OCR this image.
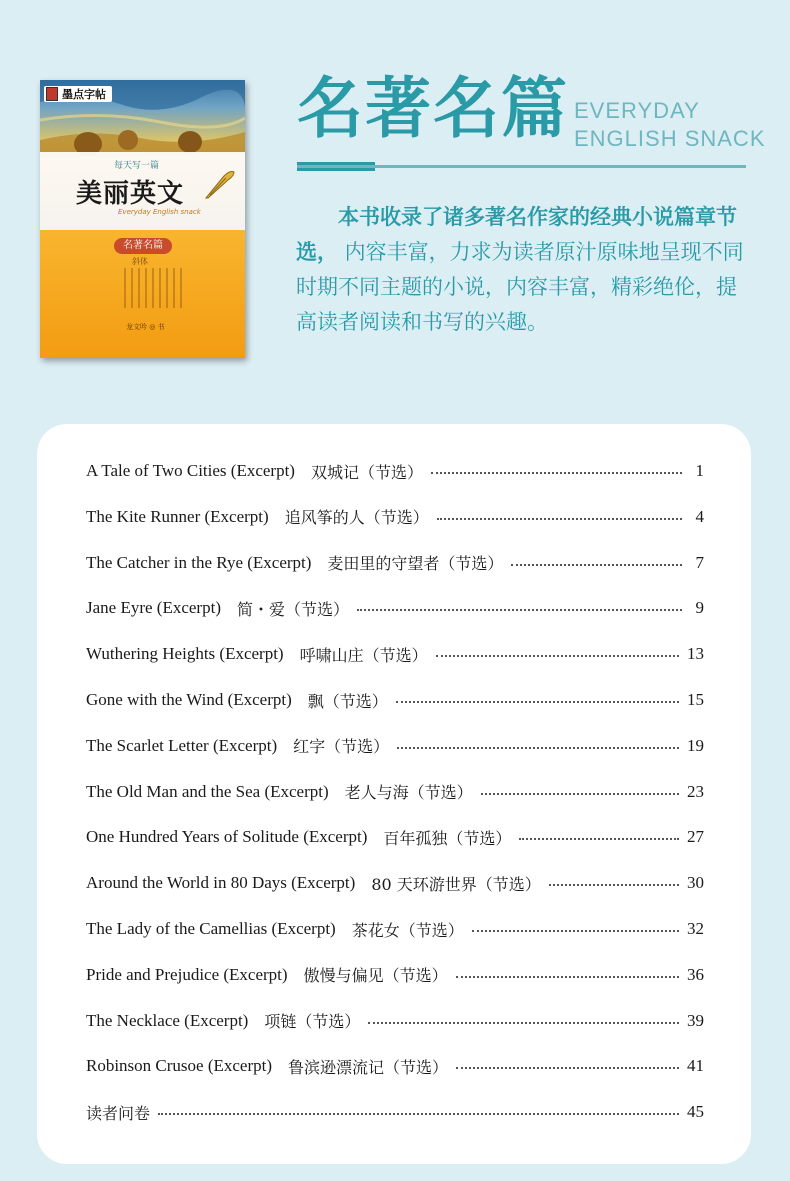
墨点字帖
每天写一篇
美丽英文
Everyday English snack
名著名篇
斜体
龙文吟 ◎ 书
名著名篇 EVERYDAY
ENGLISH SNACK
本书收录了诸多著名作家的经典小说篇章节选， 内容丰富，力求为读者原汁原味地呈现不同时期不同主题的小说，内容丰富，精彩绝伦，提高读者阅读和书写的兴趣。
A Tale of Two Cities (Excerpt) 双城记（节选）	1
The Kite Runner (Excerpt) 追风筝的人（节选）	4
The Catcher in the Rye (Excerpt) 麦田里的守望者（节选）	7
Jane Eyre (Excerpt) 简・爱（节选）	9
Wuthering Heights (Excerpt) 呼啸山庄（节选）	13
Gone with the Wind (Excerpt) 飘（节选）	15
The Scarlet Letter (Excerpt) 红字（节选）	19
The Old Man and the Sea (Excerpt) 老人与海（节选）	23
One Hundred Years of Solitude (Excerpt) 百年孤独（节选）	27
Around the World in 80 Days (Excerpt) 80 天环游世界（节选）	30
The Lady of the Camellias (Excerpt) 茶花女（节选）	32
Pride and Prejudice (Excerpt) 傲慢与偏见（节选）	36
The Necklace (Excerpt) 项链（节选）	39
Robinson Crusoe (Excerpt) 鲁滨逊漂流记（节选）	41
读者问卷	45
